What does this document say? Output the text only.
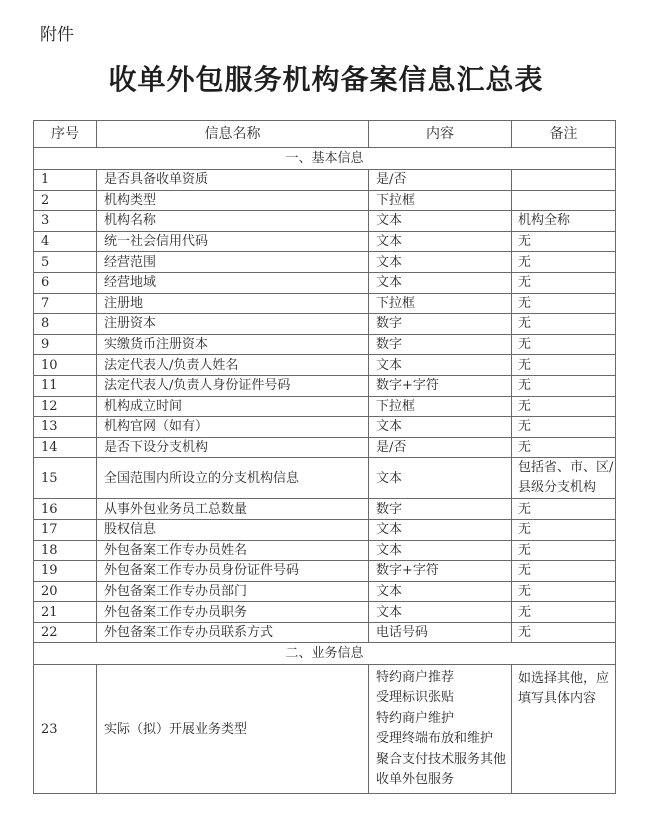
附件
收单外包服务机构备案信息汇总表
序号	信息名称	内容	备注
一、基本信息			
1	是否具备收单资质	是/否	
2	机构类型	下拉框	
3	机构名称	文本	机构全称
4	统一社会信用代码	文本	无
5	经营范围	文本	无
6	经营地域	文本	无
7	注册地	下拉框	无
8	注册资本	数字	无
9	实缴货币注册资本	数字	无
10	法定代表人/负责人姓名	文本	无
11	法定代表人/负责人身份证件号码	数字+字符	无
12	机构成立时间	下拉框	无
13	机构官网（如有）	文本	无
14	是否下设分支机构	是/否	无
15	全国范围内所设立的分支机构信息	文本	包括省、市、区/县级分支机构
16	从事外包业务员工总数量	数字	无
17	股权信息	文本	无
18	外包备案工作专办员姓名	文本	无
19	外包备案工作专办员身份证件号码	数字+字符	无
20	外包备案工作专办员部门	文本	无
21	外包备案工作专办员职务	文本	无
22	外包备案工作专办员联系方式	电话号码	无
二、业务信息			
23	实际（拟）开展业务类型	特约商户推荐
受理标识张贴
特约商户维护
受理终端布放和维护
聚合支付技术服务其他收单外包服务	如选择其他，应填写具体内容
